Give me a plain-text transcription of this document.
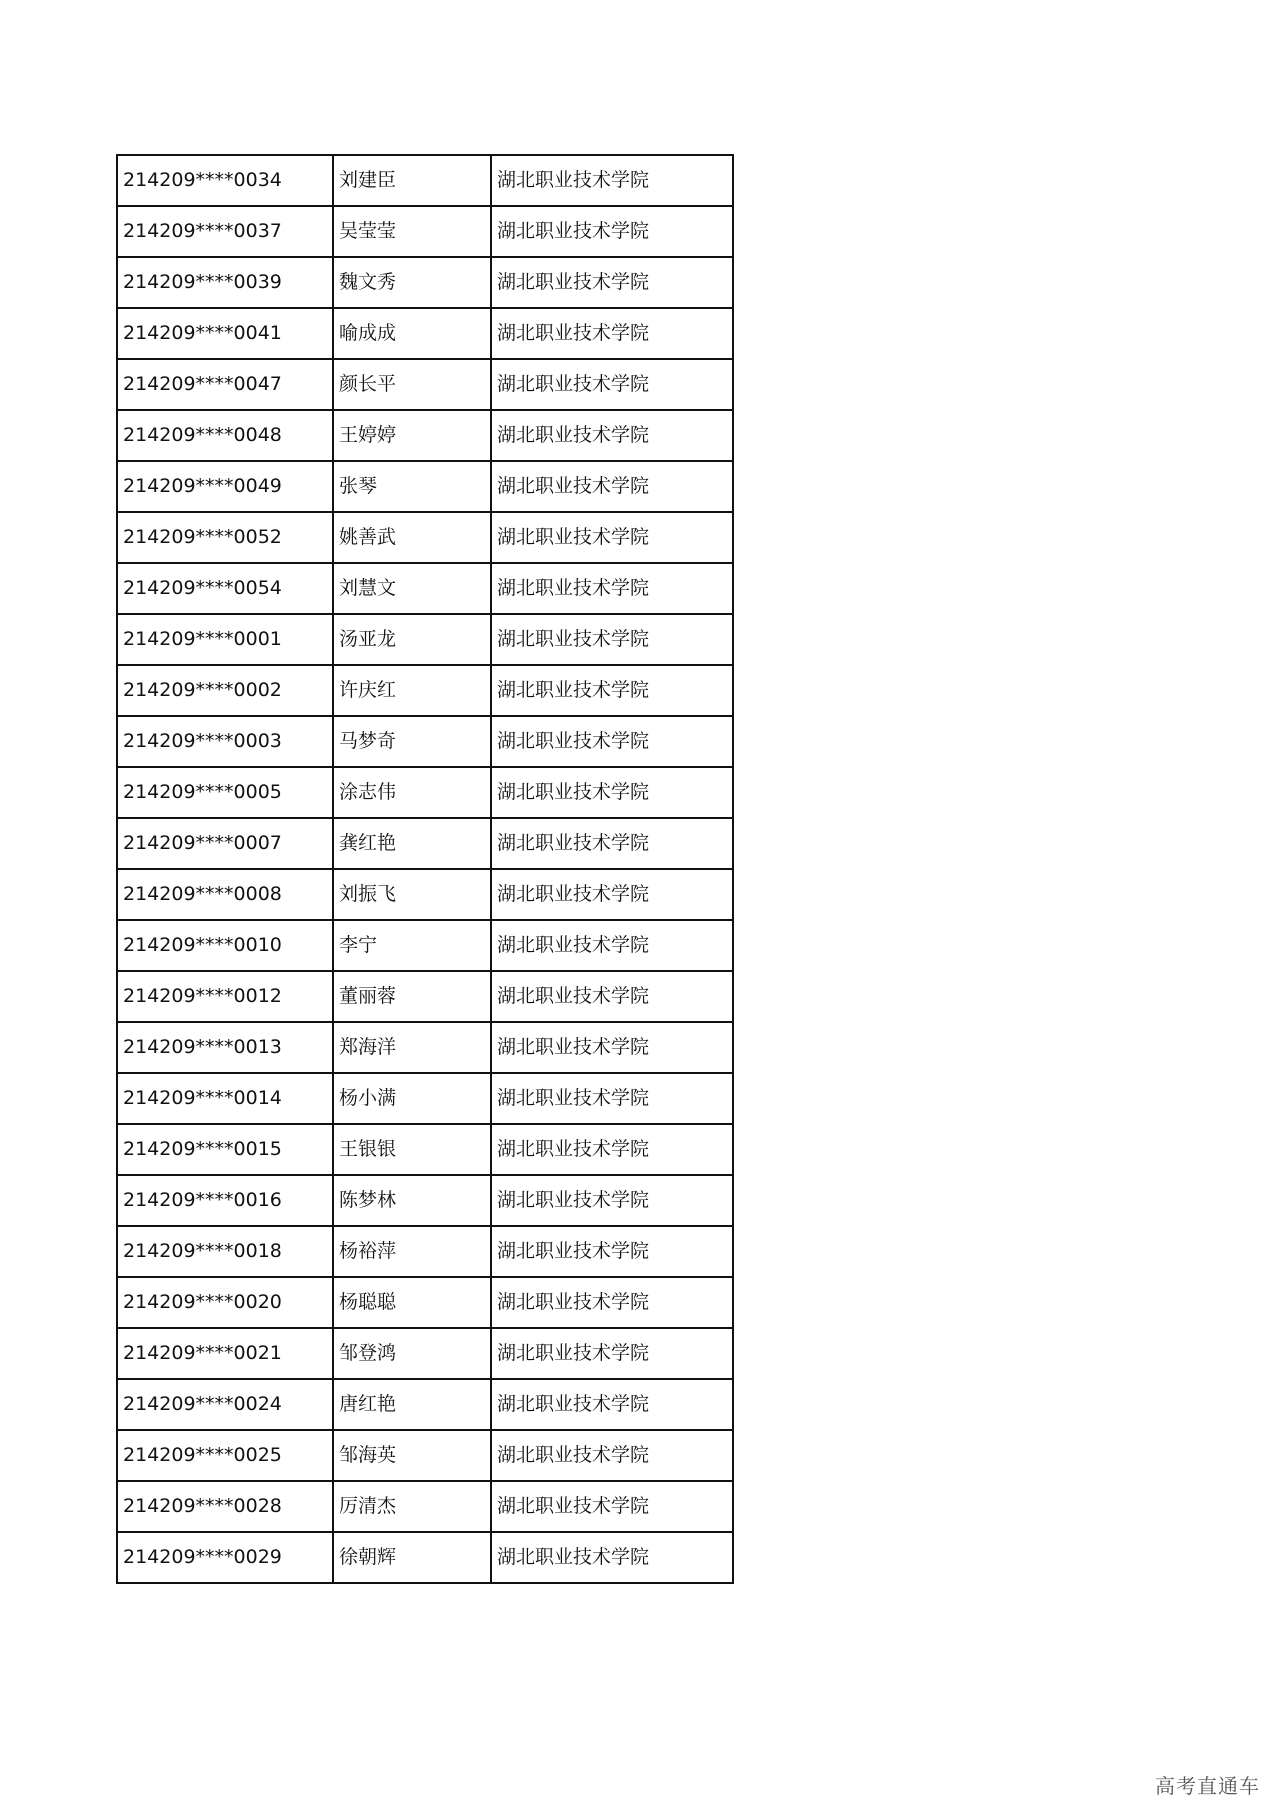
214209****0034	刘建臣	湖北职业技术学院
214209****0037	吴莹莹	湖北职业技术学院
214209****0039	魏文秀	湖北职业技术学院
214209****0041	喻成成	湖北职业技术学院
214209****0047	颜长平	湖北职业技术学院
214209****0048	王婷婷	湖北职业技术学院
214209****0049	张琴	湖北职业技术学院
214209****0052	姚善武	湖北职业技术学院
214209****0054	刘慧文	湖北职业技术学院
214209****0001	汤亚龙	湖北职业技术学院
214209****0002	许庆红	湖北职业技术学院
214209****0003	马梦奇	湖北职业技术学院
214209****0005	涂志伟	湖北职业技术学院
214209****0007	龚红艳	湖北职业技术学院
214209****0008	刘振飞	湖北职业技术学院
214209****0010	李宁	湖北职业技术学院
214209****0012	董丽蓉	湖北职业技术学院
214209****0013	郑海洋	湖北职业技术学院
214209****0014	杨小满	湖北职业技术学院
214209****0015	王银银	湖北职业技术学院
214209****0016	陈梦林	湖北职业技术学院
214209****0018	杨裕萍	湖北职业技术学院
214209****0020	杨聪聪	湖北职业技术学院
214209****0021	邹登鸿	湖北职业技术学院
214209****0024	唐红艳	湖北职业技术学院
214209****0025	邹海英	湖北职业技术学院
214209****0028	厉清杰	湖北职业技术学院
214209****0029	徐朝辉	湖北职业技术学院
高考直通车
